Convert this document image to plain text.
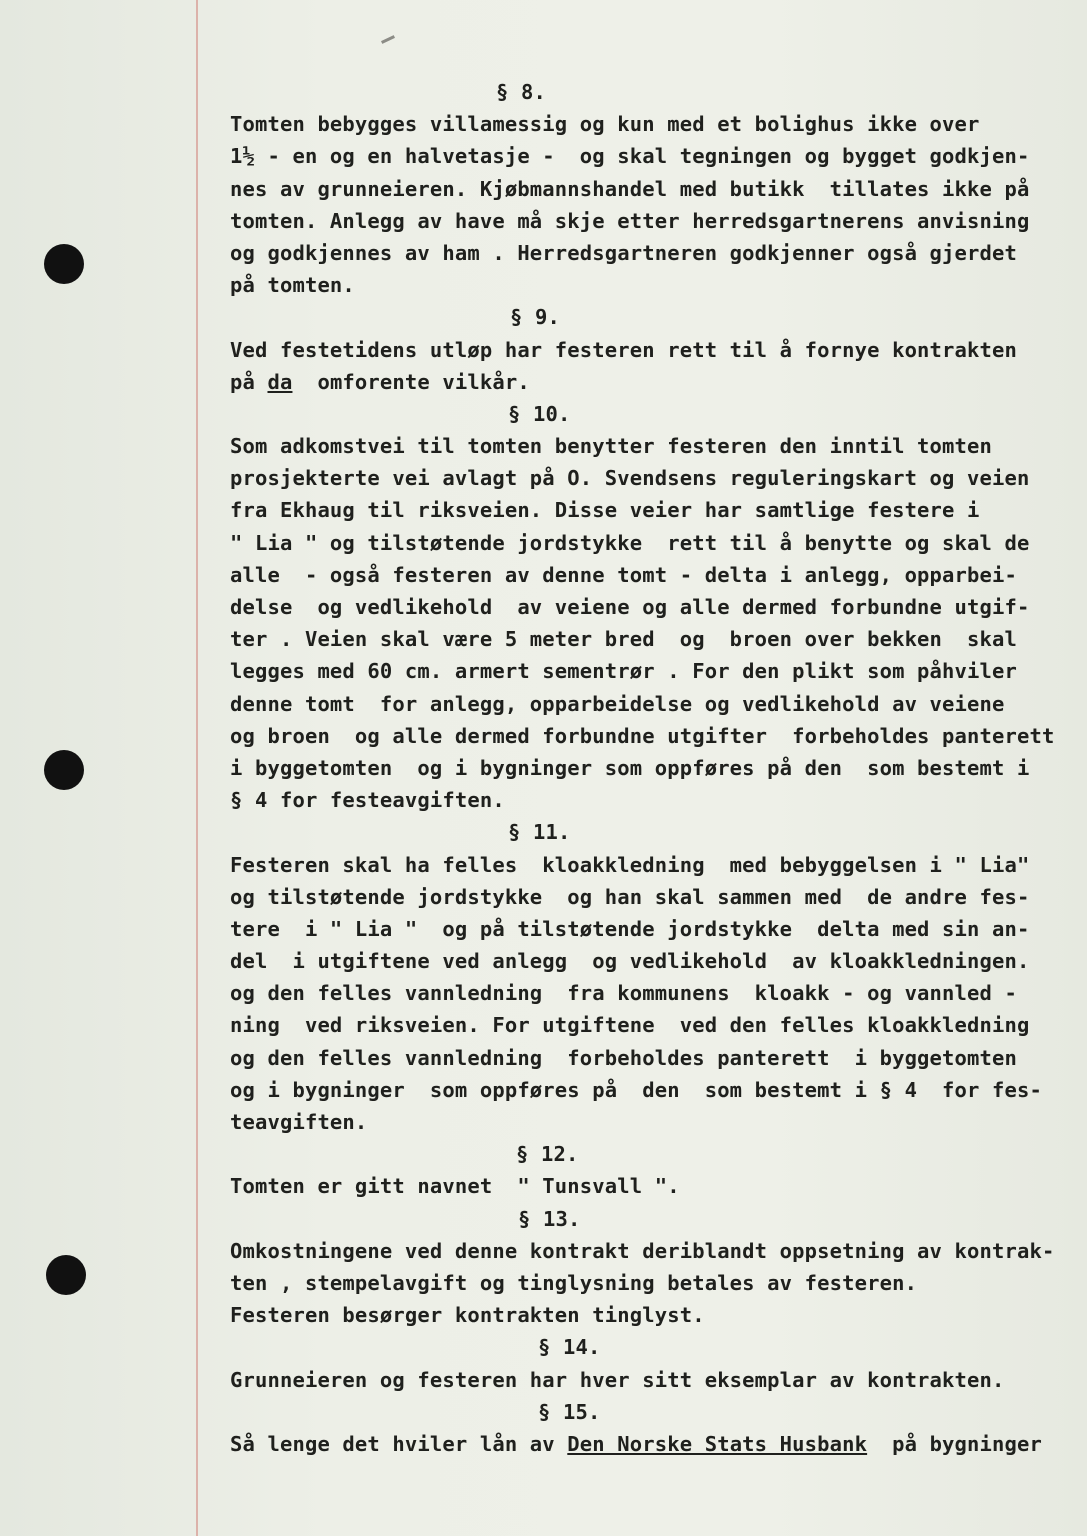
§ 8.
Tomten bebygges villamessig og kun med et bolighus ikke over
1½ - en og en halvetasje -  og skal tegningen og bygget godkjen-
nes av grunneieren. Kjøbmannshandel med butikk  tillates ikke på
tomten. Anlegg av have må skje etter herredsgartnerens anvisning
og godkjennes av ham . Herredsgartneren godkjenner også gjerdet
på tomten.
§ 9.
Ved festetidens utløp har festeren rett til å fornye kontrakten
på da  omforente vilkår.
§ 10.
Som adkomstvei til tomten benytter festeren den inntil tomten
prosjekterte vei avlagt på O. Svendsens reguleringskart og veien
fra Ekhaug til riksveien. Disse veier har samtlige festere i
" Lia " og tilstøtende jordstykke  rett til å benytte og skal de
alle  - også festeren av denne tomt - delta i anlegg, opparbei-
delse  og vedlikehold  av veiene og alle dermed forbundne utgif-
ter . Veien skal være 5 meter bred  og  broen over bekken  skal
legges med 60 cm. armert sementrør . For den plikt som påhviler
denne tomt  for anlegg, opparbeidelse og vedlikehold av veiene
og broen  og alle dermed forbundne utgifter  forbeholdes panterett
i byggetomten  og i bygninger som oppføres på den  som bestemt i
§ 4 for festeavgiften.
§ 11.
Festeren skal ha felles  kloakkledning  med bebyggelsen i " Lia"
og tilstøtende jordstykke  og han skal sammen med  de andre fes-
tere  i " Lia "  og på tilstøtende jordstykke  delta med sin an-
del  i utgiftene ved anlegg  og vedlikehold  av kloakkledningen.
og den felles vannledning  fra kommunens  kloakk - og vannled -
ning  ved riksveien. For utgiftene  ved den felles kloakkledning
og den felles vannledning  forbeholdes panterett  i byggetomten
og i bygninger  som oppføres på  den  som bestemt i § 4  for fes-
teavgiften.
§ 12.
Tomten er gitt navnet  " Tunsvall ".
§ 13.
Omkostningene ved denne kontrakt deriblandt oppsetning av kontrak-
ten , stempelavgift og tinglysning betales av festeren.
Festeren besørger kontrakten tinglyst.
§ 14.
Grunneieren og festeren har hver sitt eksemplar av kontrakten.
§ 15.
Så lenge det hviler lån av Den Norske Stats Husbank  på bygninger
